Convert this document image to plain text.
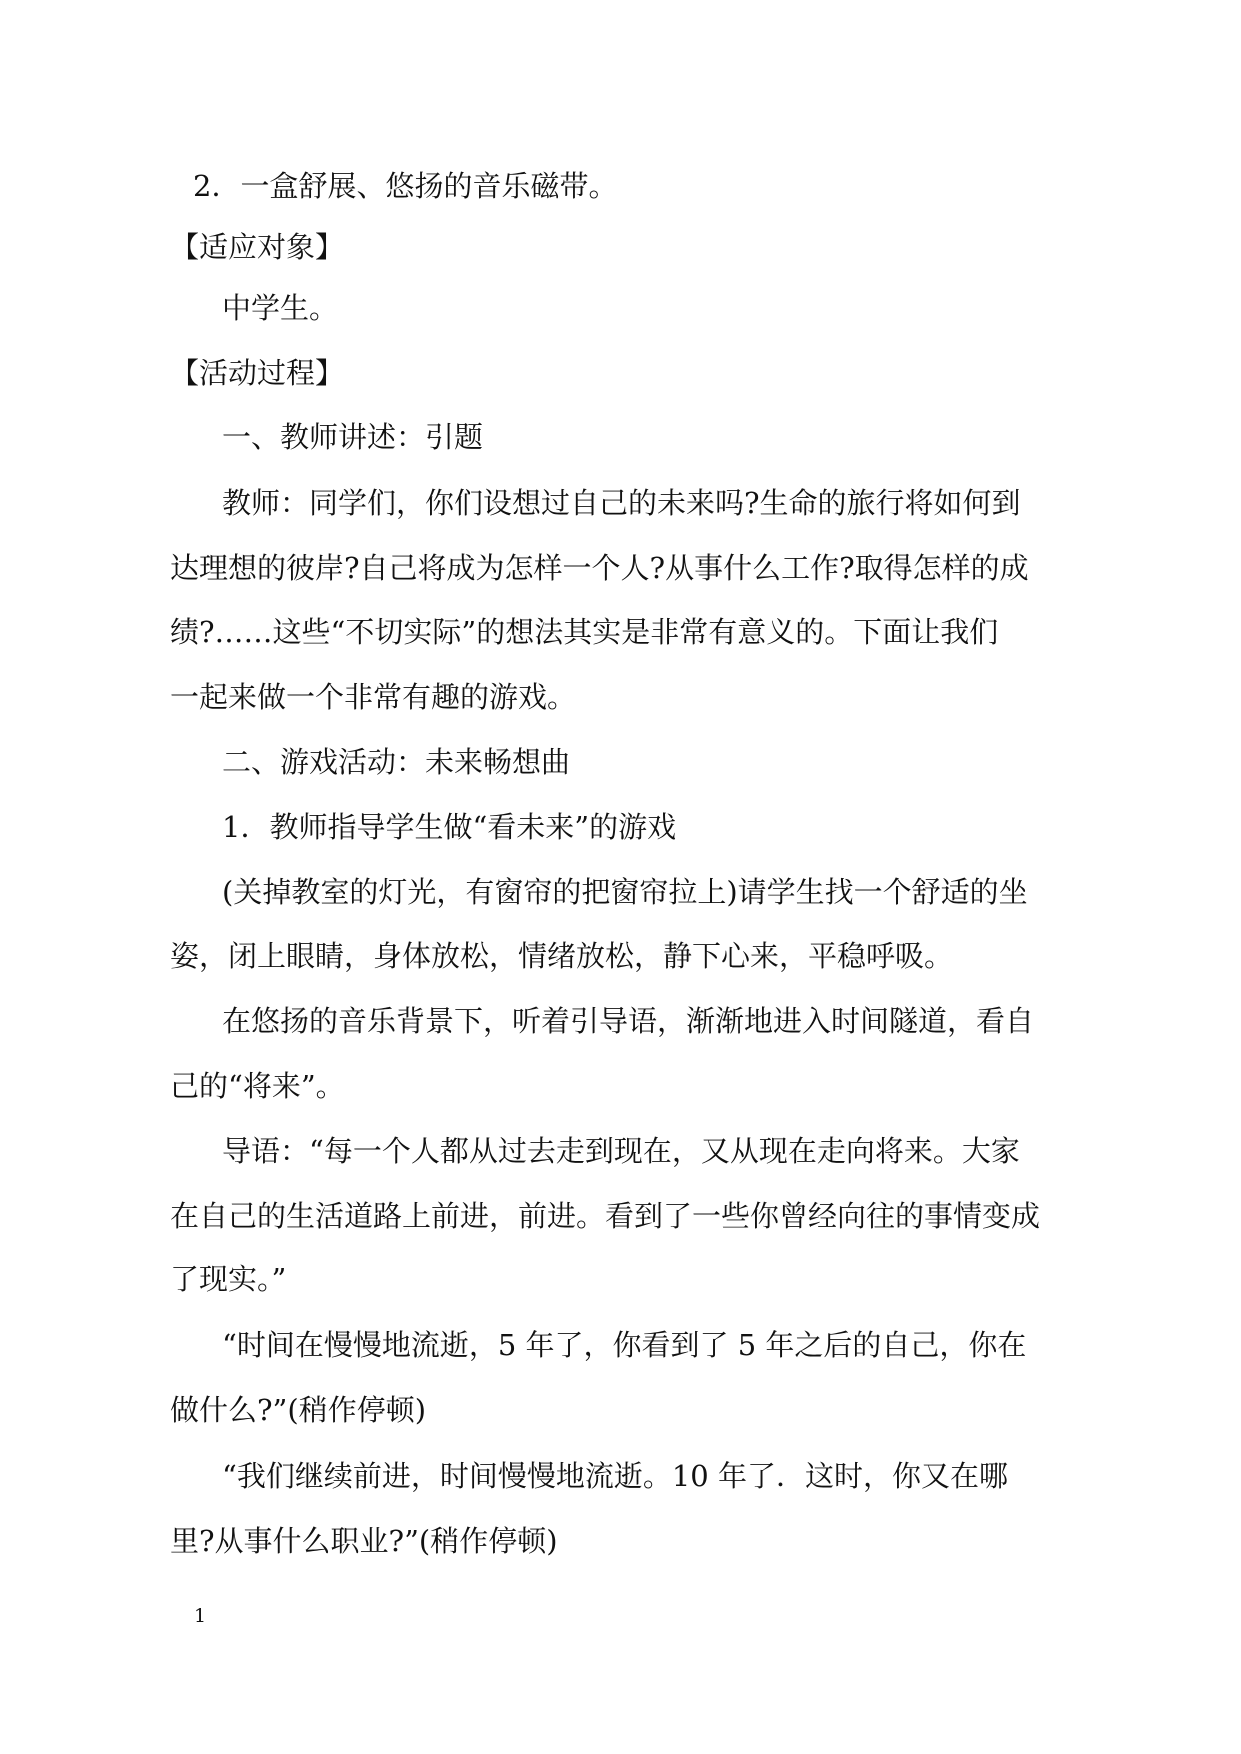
2．一盒舒展、悠扬的音乐磁带。
【适应对象】
中学生。
【活动过程】
一、教师讲述：引题
教师：同学们，你们设想过自己的未来吗?生命的旅行将如何到
达理想的彼岸?自己将成为怎样一个人?从事什么工作?取得怎样的成
绩?……这些“不切实际”的想法其实是非常有意义的。下面让我们
一起来做一个非常有趣的游戏。
二、游戏活动：未来畅想曲
1．教师指导学生做“看未来”的游戏
(关掉教室的灯光，有窗帘的把窗帘拉上)请学生找一个舒适的坐
姿，闭上眼睛，身体放松，情绪放松，静下心来，平稳呼吸。
在悠扬的音乐背景下，听着引导语，渐渐地进入时间隧道，看自
己的“将来”。
导语：“每一个人都从过去走到现在，又从现在走向将来。大家
在自己的生活道路上前进，前进。看到了一些你曾经向往的事情变成
了现实。”
“时间在慢慢地流逝，5 年了，你看到了 5 年之后的自己，你在
做什么?”(稍作停顿)
“我们继续前进，时间慢慢地流逝。10 年了．这时，你又在哪
里?从事什么职业?”(稍作停顿)
1
